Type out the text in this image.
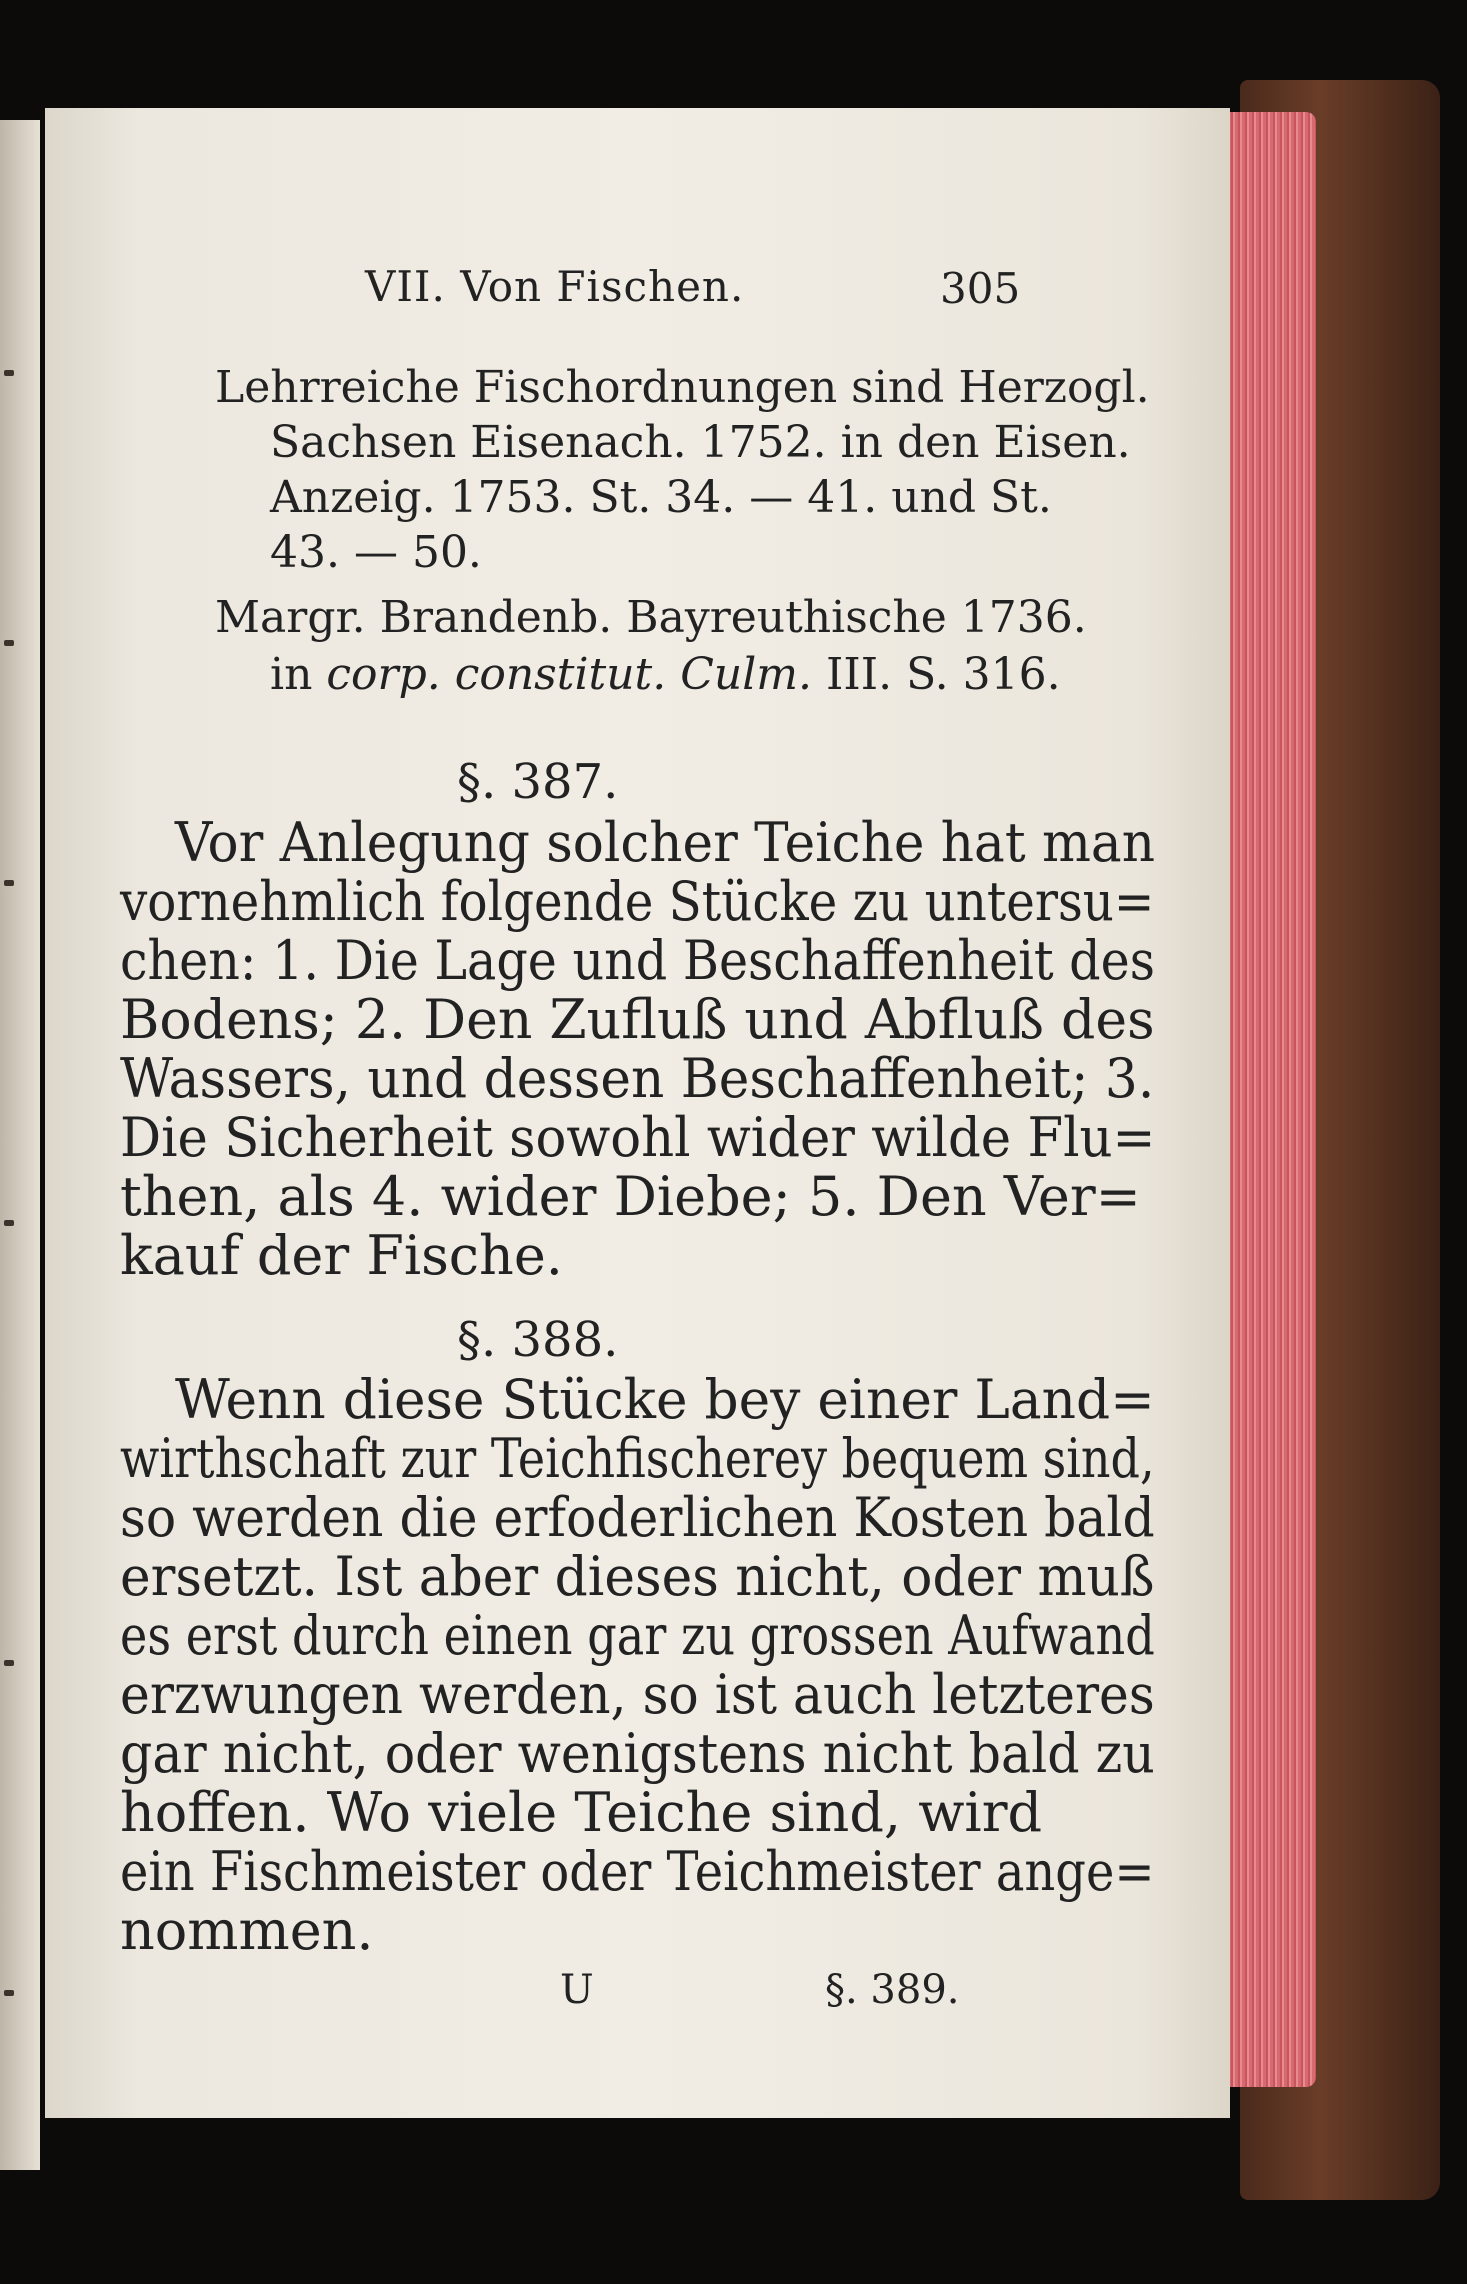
VII. Von Fischen.	305
Lehrreiche Fischordnungen sind Herzogl.
Sachsen Eisenach. 1752. in den Eisen.
Anzeig. 1753. St. 34. — 41. und St.
43. — 50.
Margr. Brandenb. Bayreuthische 1736.
in corp. constitut. Culm. III. S. 316.
§. 387.
Vor Anlegung solcher Teiche hat man
vornehmlich folgende Stücke zu untersu=
chen: 1. Die Lage und Beschaffenheit des
Bodens; 2. Den Zufluß und Abfluß des
Wassers, und dessen Beschaffenheit; 3.
Die Sicherheit sowohl wider wilde Flu=
then, als 4. wider Diebe; 5. Den Ver=
kauf der Fische.
§. 388.
Wenn diese Stücke bey einer Land=
wirthschaft zur Teichfischerey bequem sind,
so werden die erfoderlichen Kosten bald
ersetzt. Ist aber dieses nicht, oder muß
es erst durch einen gar zu grossen Aufwand
erzwungen werden, so ist auch letzteres
gar nicht, oder wenigstens nicht bald zu
hoffen. Wo viele Teiche sind, wird
ein Fischmeister oder Teichmeister ange=
nommen.
U	§. 389.
